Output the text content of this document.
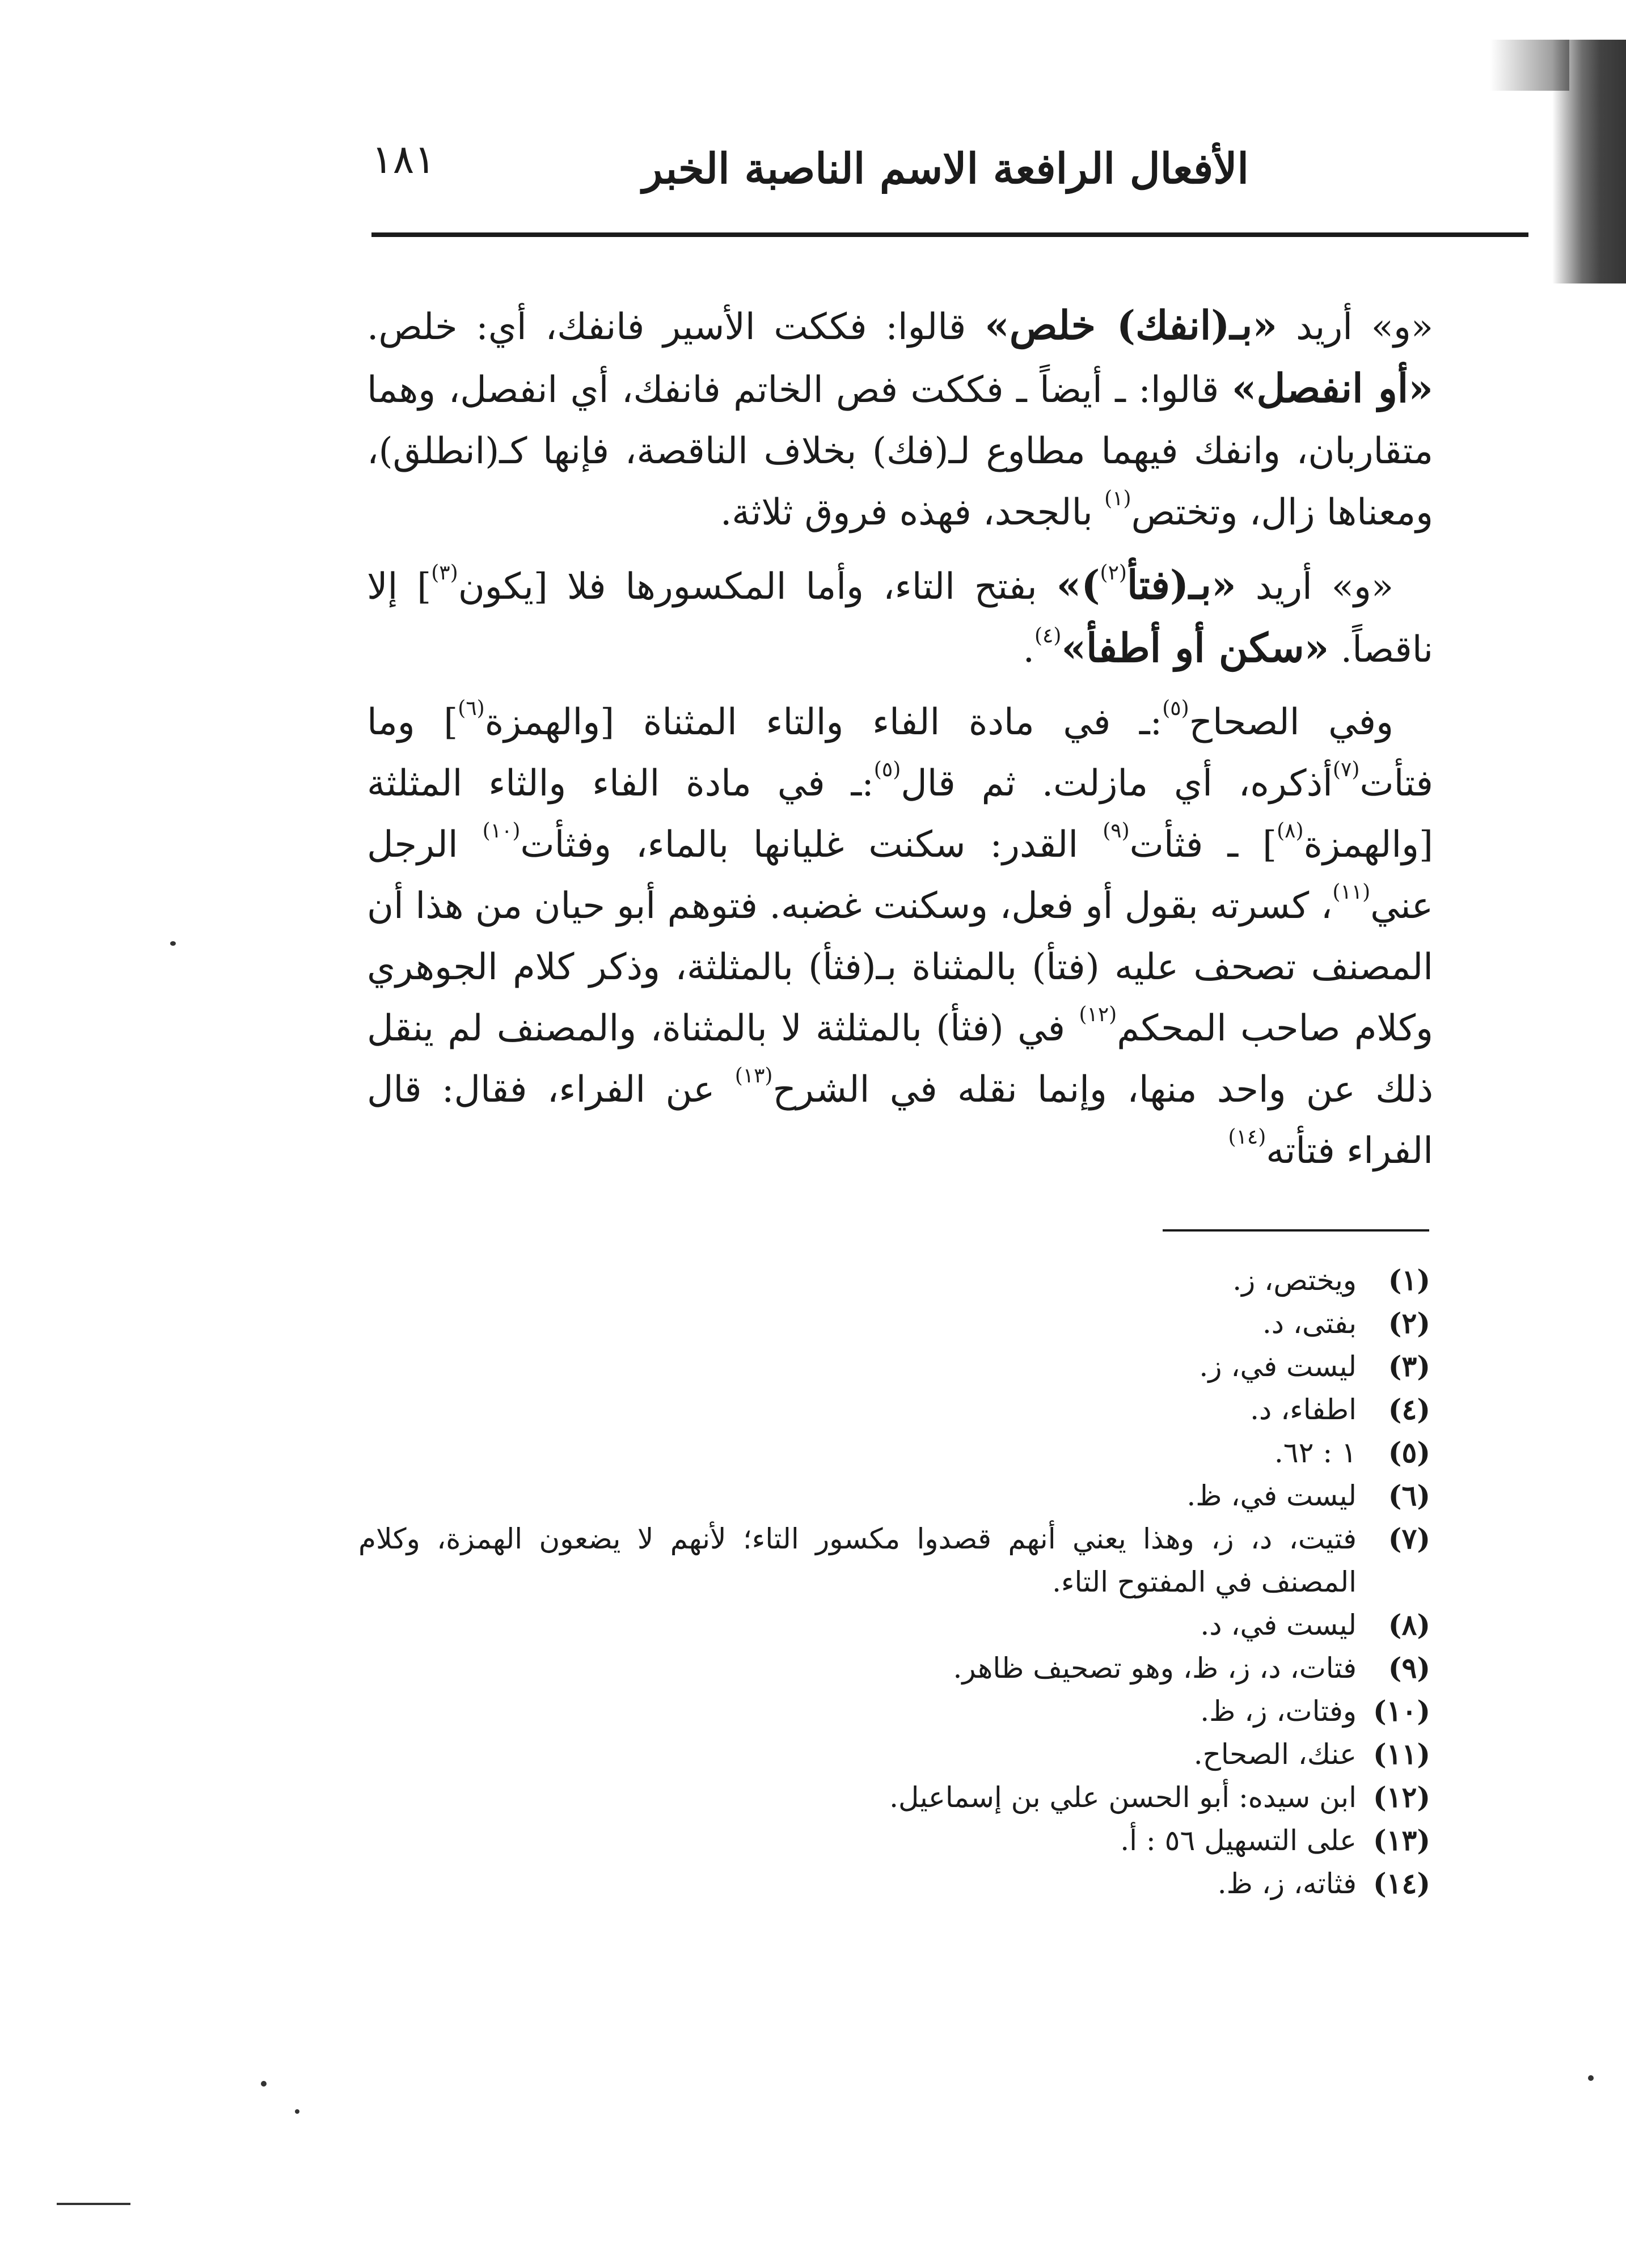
الأفعال الرافعة الاسم الناصبة الخبر
١٨١

«و» أريد «بـ(انفك) خلص» قالوا: فككت الأسير فانفك، أي: خلص. «أو انفصل» قالوا: ـ أيضاً ـ فككت فص الخاتم فانفك، أي انفصل، وهما متقاربان، وانفك فيهما مطاوع لـ(فك) بخلاف الناقصة، فإنها كـ(انطلق)، ومعناها زال، وتختص$^{(١)}$ بالجحد، فهذه فروق ثلاثة.

«و» أريد «بـ(فتأ$^{(٢)}$)» بفتح التاء، وأما المكسورها فلا [يكون$^{(٣)}$] إلا ناقصاً. «سكن أو أطفأ»$^{(٤)}$.

وفي الصحاح$^{(٥)}$:ـ في مادة الفاء والتاء المثناة [والهمزة$^{(٦)}$] وما فتأت$^{(٧)}$أذكره، أي مازلت. ثم قال$^{(٥)}$:ـ في مادة الفاء والثاء المثلثة [والهمزة$^{(٨)}$] ـ فثأت$^{(٩)}$ القدر: سكنت غليانها بالماء، وفثأت$^{(١٠)}$ الرجل عني$^{(١١)}$، كسرته بقول أو فعل، وسكنت غضبه. فتوهم أبو حيان من هذا أن المصنف تصحف عليه (فتأ) بالمثناة بـ(فثأ) بالمثلثة، وذكر كلام الجوهري وكلام صاحب المحكم$^{(١٢)}$ في (فثأ) بالمثلثة لا بالمثناة، والمصنف لم ينقل ذلك عن واحد منها، وإنما نقله في الشرح$^{(١٣)}$ عن الفراء، فقال: قال الفراء فتأته$^{(١٤)}$

(١)
ويختص، ز.
(٢)
بفتى، د.
(٣)
ليست في، ز.
(٤)
اطفاء، د.
(٥)
١ : ٦٢.
(٦)
ليست في، ظ.
(٧)
فتيت، د، ز، وهذا يعني أنهم قصدوا مكسور التاء؛ لأنهم لا يضعون الهمزة، وكلام المصنف في المفتوح التاء.
(٨)
ليست في، د.
(٩)
فتات، د، ز، ظ، وهو تصحيف ظاهر.
(١٠)
وفتات، ز، ظ.
(١١)
عنك، الصحاح.
(١٢)
ابن سيده: أبو الحسن علي بن إسماعيل.
(١٣)
على التسهيل ٥٦ : أ.
(١٤)
فثاته، ز، ظ.
